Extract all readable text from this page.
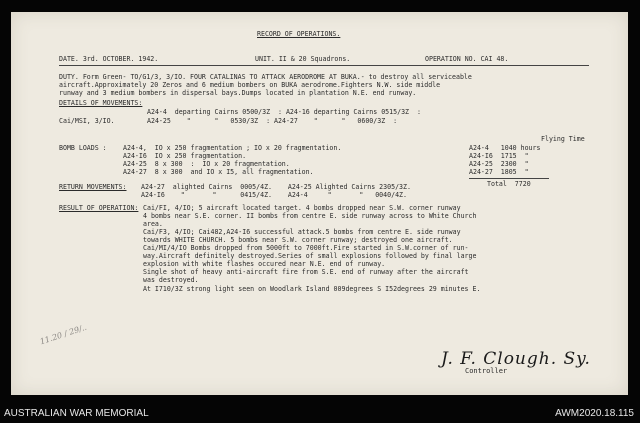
RECORD OF OPERATIONS.
DATE. 3rd. OCTOBER. 1942.	UNIT. II & 20 Squadrons.	OPERATION NO. CAI 48.
DUTY. Form Green- TO/G1/3, 3/IO. FOUR CATALINAS TO ATTACK AERODROME AT BUKA.- to destroy all serviceable
aircraft.Approximately 20 Zeros and 6 medium bombers on BUKA aerodrome.Fighters N.W. side middle
runway and 3 medium bombers in dispersal bays.Dumps located in plantation N.E. end runway.
DETAILS OF MOVEMENTS:
A24-4  departing Cairns 0500/3Z  : A24-16 departing Cairns 0515/3Z  :
Cai/MSI, 3/IO.	A24-25    "      "   0530/3Z  : A24-27    "      "   0600/3Z  :
Flying Time
A24-4   1040 hours
A24-I6  1715  "
A24-25  2300  "
A24-27  1805  "
Total  7720
BOMB LOADS : A24-4,  IO x 250 fragmentation ; IO x 20 fragmentation.
A24-I6  IO x 250 fragmentation.
A24-25  8 x 300  :  IO x 20 fragmentation.
A24-27  8 x 300  and IO x I5, all fragmentation.
RETURN MOVEMENTS: A24-27  alighted Cairns  0005/4Z.    A24-25 Alighted Cairns 2305/3Z.
A24-I6    "       "      0415/4Z.    A24-4     "       "   0040/4Z.
RESULT OF OPERATION: Cai/FI, 4/IO; 5 aircraft located target. 4 bombs dropped near S.W. corner runway
4 bombs near S.E. corner. II bombs from centre E. side runway across to White Church
area.
Cai/F3, 4/IO; Cai482,A24-I6 successful attack.5 bombs from centre E. side runway
towards WHITE CHURCH. 5 bombs near S.W. corner runway; destroyed one aircraft.
Cai/MI/4/IO Bombs dropped from 5000ft to 7000ft.Fire started in S.W.corner of run-
way.Aircraft definitely destroyed.Series of small explosions followed by final large
explosion with white flashes occured near N.E. end of runway.
Single shot of heavy anti-aircraft fire from S.E. end of runway after the aircraft
was destroyed.
At I710/3Z strong light seen on Woodlark Island 009degrees S I52degrees 29 minutes E.
11.20 / 29/..
J. F. Clough. Sy.
Controller
AUSTRALIAN WAR MEMORIAL	AWM2020.18.115
